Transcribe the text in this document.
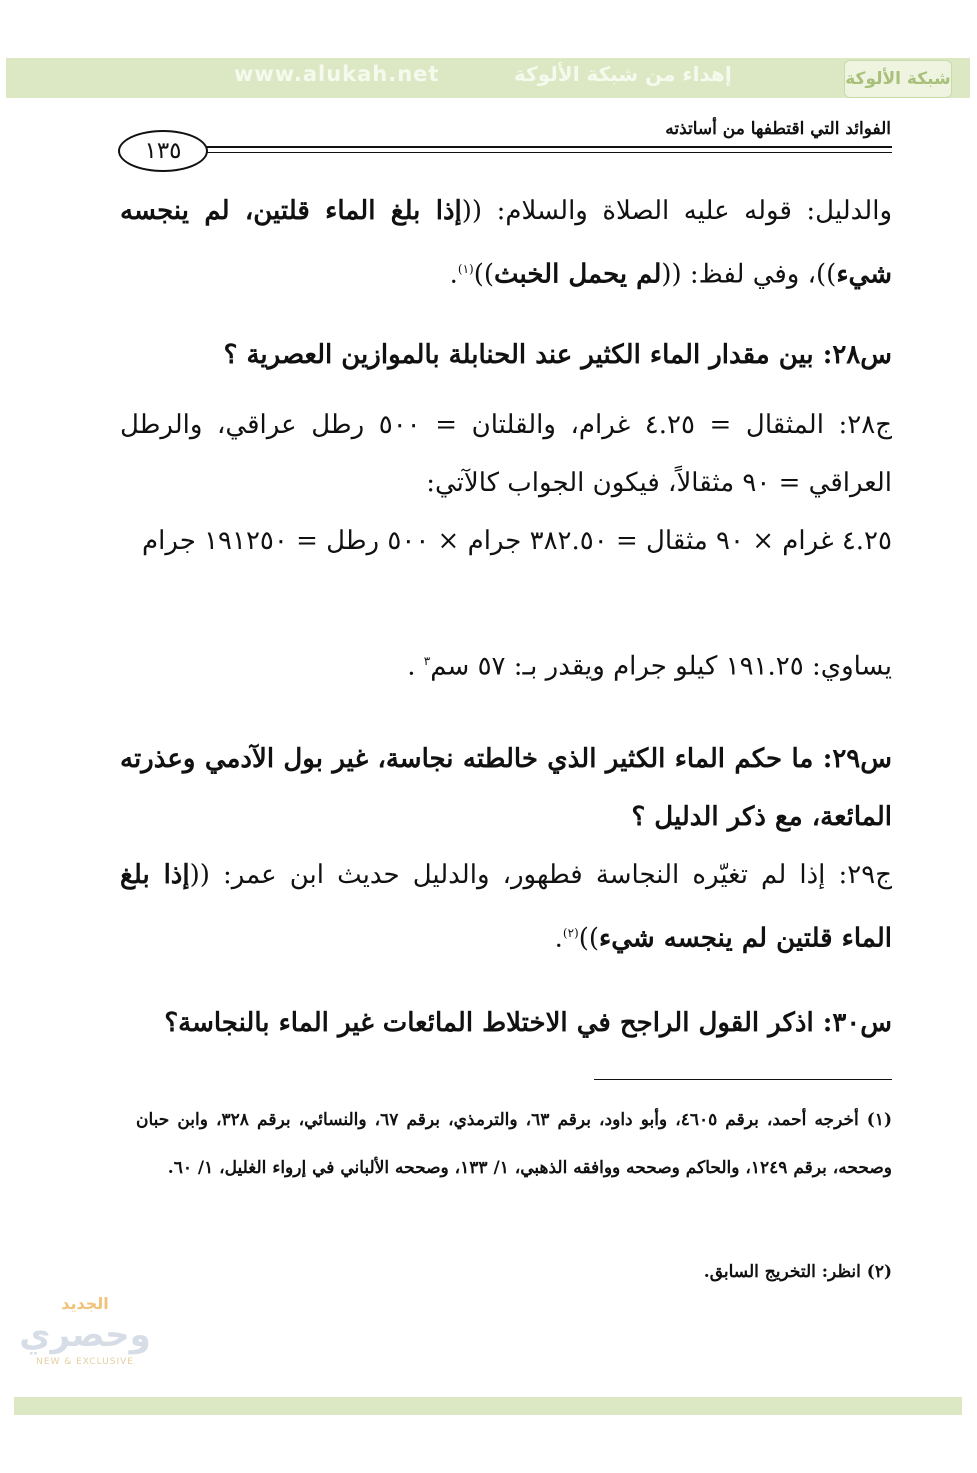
www.alukah.net	إهداء من شبكة الألوكة	شبكة الألوكة
الفوائد التي اقتطفها من أساتذته
١٣٥

والدليل: قوله عليه الصلاة والسلام: ((إذا بلغ الماء قلتين، لم ينجسه شيء))، وفي لفظ: ((لم يحمل الخبث))$^{(١)}$.

س٢٨: بين مقدار الماء الكثير عند الحنابلة بالموازين العصرية ؟

ج٢٨: المثقال = ٤.٢٥ غرام، والقلتان = ٥٠٠ رطل عراقي، والرطل العراقي = ٩٠ مثقالاً، فيكون الجواب كالآتي:

٤.٢٥ غرام × ٩٠ مثقال = ٣٨٢.٥٠ جرام × ٥٠٠ رطل = ١٩١٢٥٠ جرام

يساوي: ١٩١.٢٥ كيلو جرام ويقدر بـ: ٥٧ سم$^٣$ .

س٢٩: ما حكم الماء الكثير الذي خالطته نجاسة، غير بول الآدمي وعذرته المائعة، مع ذكر الدليل ؟

ج٢٩: إذا لم تغيّره النجاسة فطهور، والدليل حديث ابن عمر: ((إذا بلغ الماء قلتين لم ينجسه شيء))$^{(٢)}$.

س٣٠: اذكر القول الراجح في الاختلاط المائعات غير الماء بالنجاسة؟

(١) أخرجه أحمد، برقم ٤٦٠٥، وأبو داود، برقم ٦٣، والترمذي، برقم ٦٧، والنسائي، برقم ٣٢٨، وابن حبان وصححه، برقم ١٢٤٩، والحاكم وصححه ووافقه الذهبي، ١/ ١٣٣، وصححه الألباني في إرواء الغليل، ١/ ٦٠.

(٢) انظر: التخريج السابق.

الجديد
وحصري
NEW & EXCLUSIVE
